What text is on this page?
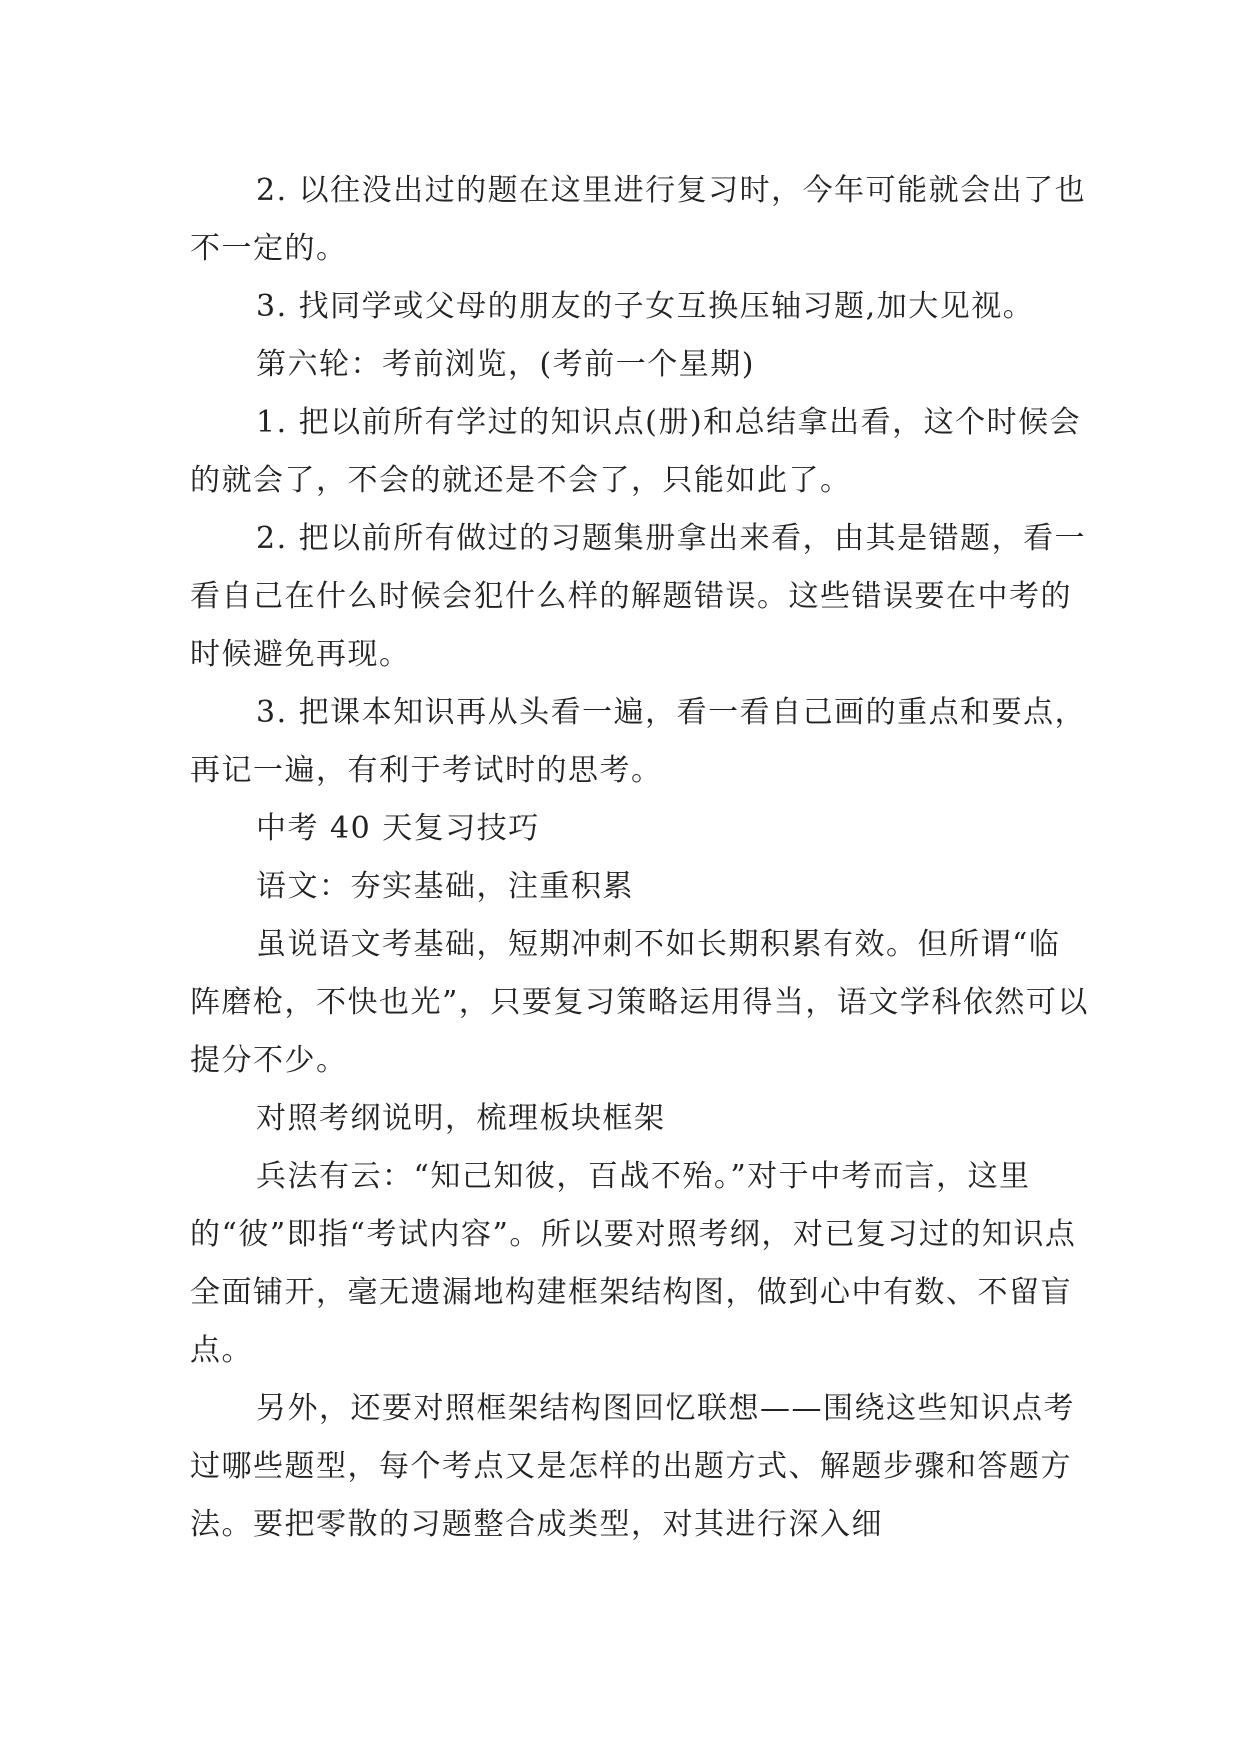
2. 以往没出过的题在这里进行复习时，今年可能就会出了也不一定的。

3. 找同学或父母的朋友的子女互换压轴习题,加大见视。

第六轮：考前浏览，(考前一个星期)

1. 把以前所有学过的知识点(册)和总结拿出看，这个时候会的就会了，不会的就还是不会了，只能如此了。

2. 把以前所有做过的习题集册拿出来看，由其是错题，看一看自己在什么时候会犯什么样的解题错误。这些错误要在中考的时候避免再现。

3. 把课本知识再从头看一遍，看一看自己画的重点和要点，再记一遍，有利于考试时的思考。

中考 40 天复习技巧

语文：夯实基础，注重积累

虽说语文考基础，短期冲刺不如长期积累有效。但所谓“临阵磨枪，不快也光”，只要复习策略运用得当，语文学科依然可以提分不少。

对照考纲说明，梳理板块框架

兵法有云：“知己知彼，百战不殆。”对于中考而言，这里的“彼”即指“考试内容”。所以要对照考纲，对已复习过的知识点全面铺开，毫无遗漏地构建框架结构图，做到心中有数、不留盲点。

另外，还要对照框架结构图回忆联想——围绕这些知识点考过哪些题型，每个考点又是怎样的出题方式、解题步骤和答题方法。要把零散的习题整合成类型，对其进行深入细
